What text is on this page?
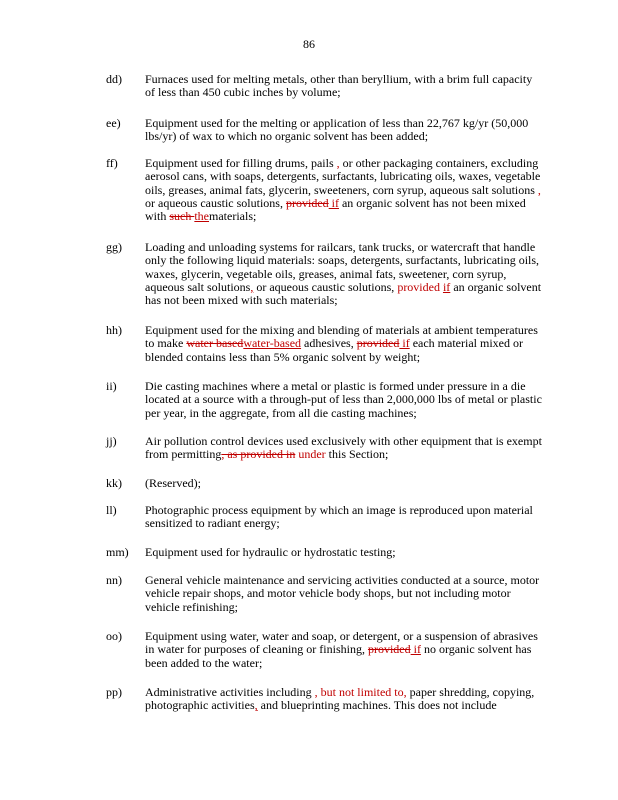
86
dd)	Furnaces used for melting metals, other than beryllium, with a brim full capacity of less than 450 cubic inches by volume;
ee)	Equipment used for the melting or application of less than 22,767 kg/yr (50,000 lbs/yr) of wax to which no organic solvent has been added;
ff)	Equipment used for filling drums, pails , or other packaging containers, excluding aerosol cans, with soaps, detergents, surfactants, lubricating oils, waxes, vegetable oils, greases, animal fats, glycerin, sweeteners, corn syrup, aqueous salt solutions , or aqueous caustic solutions, provided if an organic solvent has not been mixed with such thematerials;
gg)	Loading and unloading systems for railcars, tank trucks, or watercraft that handle only the following liquid materials: soaps, detergents, surfactants, lubricating oils, waxes, glycerin, vegetable oils, greases, animal fats, sweetener, corn syrup, aqueous salt solutions, or aqueous caustic solutions, provided if an organic solvent has not been mixed with such materials;
hh)	Equipment used for the mixing and blending of materials at ambient temperatures to make water basedwater-based adhesives, provided if each material mixed or blended contains less than 5% organic solvent by weight;
ii)	Die casting machines where a metal or plastic is formed under pressure in a die located at a source with a through-put of less than 2,000,000 lbs of metal or plastic per year, in the aggregate, from all die casting machines;
jj)	Air pollution control devices used exclusively with other equipment that is exempt from permitting, as provided in under this Section;
kk)	(Reserved);
ll)	Photographic process equipment by which an image is reproduced upon material sensitized to radiant energy;
mm)	Equipment used for hydraulic or hydrostatic testing;
nn)	General vehicle maintenance and servicing activities conducted at a source, motor vehicle repair shops, and motor vehicle body shops, but not including motor vehicle refinishing;
oo)	Equipment using water, water and soap, or detergent, or a suspension of abrasives in water for purposes of cleaning or finishing, provided if no organic solvent has been added to the water;
pp)	Administrative activities including , but not limited to, paper shredding, copying, photographic activities, and blueprinting machines. This does not include
